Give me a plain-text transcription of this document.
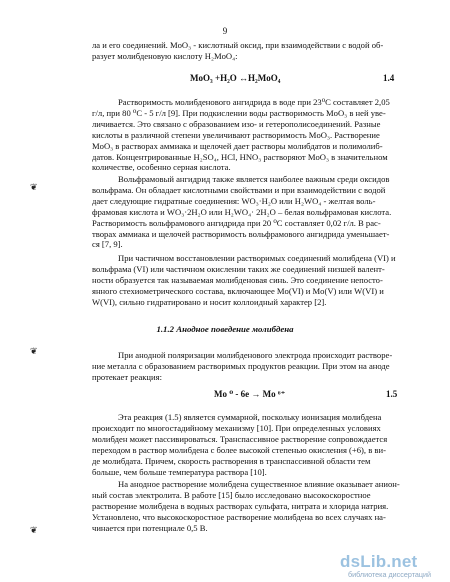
9
❦
❦
❦
ла и его соединений. MoO₃ - кислотный оксид, при взаимодействии с водой об-
разует молибденовую кислоту H₂MoO₄:
MoO₃ +H₂O ↔H₂MoO₄	1.4
Растворимость молибденового ангидрида в воде при 23⁰С составляет 2,05
г/л, при 80 ⁰С - 5 г/л [9]. При подкислении воды растворимость MoO₃ в ней уве-
личивается. Это связано с образованием изо- и гетерополисоединений. Разные
кислоты в различной степени увеличивают растворимость MoO₃. Растворение
MoO₃ в растворах аммиака и щелочей дает растворы молибдатов и полимолиб-
датов. Концентрированные H₂SO₄, HCl, HNO₃ растворяют MoO₃ в значительном
количестве, особенно серная кислота.
Вольфрамовый ангидрид также является наиболее важным среди оксидов
вольфрама. Он обладает кислотными свойствами и при взаимодействии с водой
дает следующие гидратные соединения: WO₃·H₂O или H₂WO₄ - желтая воль-
фрамовая кислота и WO₃·2H₂O или H₂WO₄· 2H₂O – белая вольфрамовая кислота.
Растворимость вольфрамового ангидрида при 20 ⁰С составляет 0,02 г/л. В рас-
творах аммиака и щелочей растворимость вольфрамового ангидрида уменьшает-
ся [7, 9].
При частичном восстановлении растворимых соединений молибдена (VI) и
вольфрама (VI) или частичном окислении таких же соединений низшей валент-
ности образуется так называемая молибденовая синь. Это соединение непосто-
янного стехиометрического состава, включающее Mo(VI) и Mo(V) или W(VI) и
W(VI), сильно гидратировано и носит коллоидный характер [2].
1.1.2 Анодное поведение молибдена
При анодной поляризации молибденового электрода происходит растворе-
ние металла с образованием растворимых продуктов реакции. При этом на аноде
протекает реакция:
Mo ⁰ - 6e → Mo ⁶⁺	1.5
Эта реакция (1.5) является суммарной, поскольку ионизация молибдена
происходит по многостадийному механизму [10]. При определенных условиях
молибден может пассивироваться. Транспассивное растворение сопровождается
переходом в раствор молибдена с более высокой степенью окисления (+6), в ви-
де молибдата. Причем, скорость растворения в транспассивной области тем
больше, чем больше температура раствора [10].
На анодное растворение молибдена существенное влияние оказывает анион-
ный состав электролита. В работе [15] было исследовано высокоскоростное
растворение молибдена в водных растворах сульфата, нитрата и хлорида натрия.
Установлено, что высокоскоростное растворение молибдена во всех случаях на-
чинается при потенциале 0,5 В.
dsLib.net
библиотека диссертаций
